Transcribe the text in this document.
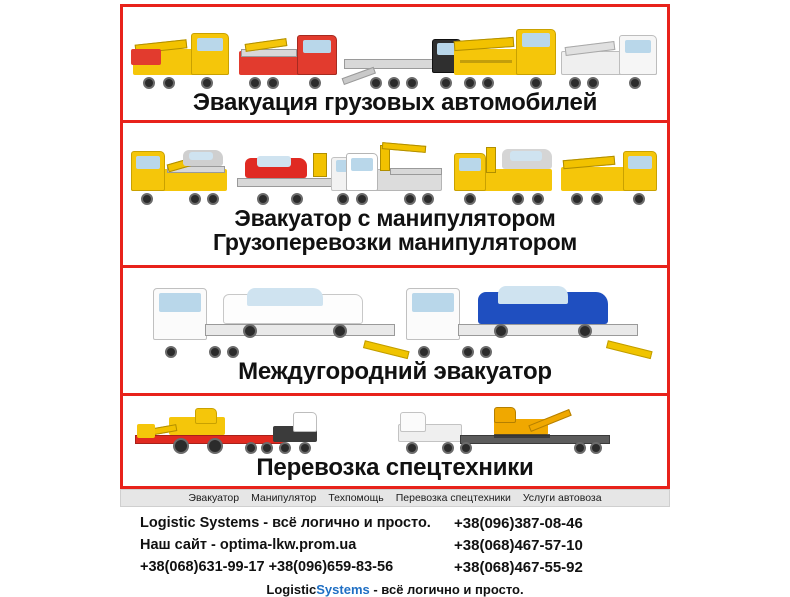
Эвакуация грузовых автомобилей
Эвакуатор с манипулятором
Грузоперевозки манипулятором
Междугородний эвакуатор
Перевозка спецтехники
Эвакуатор Манипулятор Техпомощь Перевозка спецтехники Услуги автовоза
Logistic Systems - всё логично и просто.
Наш сайт - optima-lkw.prom.ua
+38(068)631-99-17 +38(096)659-83-56
+38(096)387-08-46
+38(068)467-57-10
+38(068)467-55-92
LogisticSystems - всё логично и просто.
